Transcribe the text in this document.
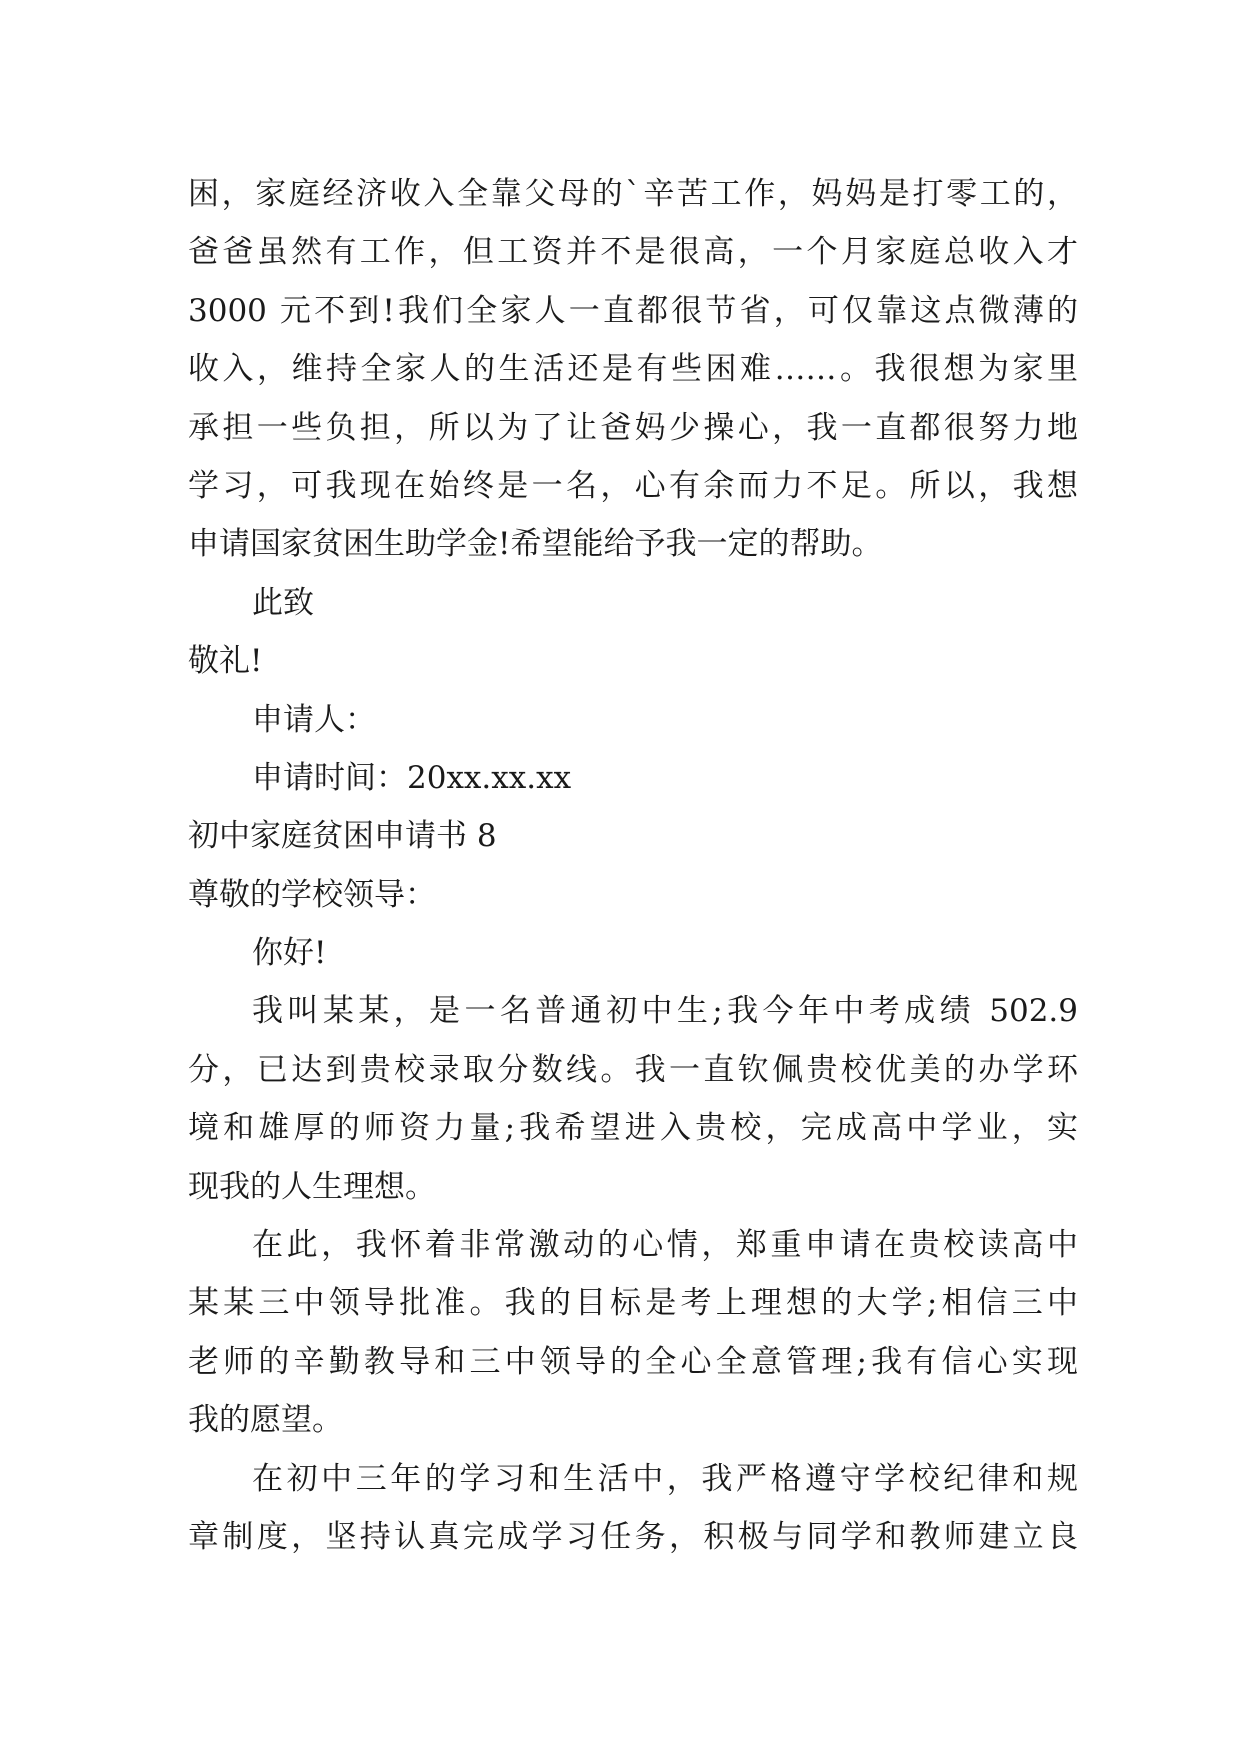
困，家庭经济收入全靠父母的`辛苦工作，妈妈是打零工的，
爸爸虽然有工作，但工资并不是很高，一个月家庭总收入才
3000 元不到!我们全家人一直都很节省，可仅靠这点微薄的
收入，维持全家人的生活还是有些困难……。我很想为家里
承担一些负担，所以为了让爸妈少操心，我一直都很努力地
学习，可我现在始终是一名，心有余而力不足。所以，我想
申请国家贫困生助学金!希望能给予我一定的帮助。
此致
敬礼!
申请人：
申请时间：20xx.xx.xx
初中家庭贫困申请书 8
尊敬的学校领导：
你好!
我叫某某，是一名普通初中生;我今年中考成绩 502.9
分，已达到贵校录取分数线。我一直钦佩贵校优美的办学环
境和雄厚的师资力量;我希望进入贵校，完成高中学业，实
现我的人生理想。
在此，我怀着非常激动的心情，郑重申请在贵校读高中
某某三中领导批准。我的目标是考上理想的大学;相信三中
老师的辛勤教导和三中领导的全心全意管理;我有信心实现
我的愿望。
在初中三年的学习和生活中，我严格遵守学校纪律和规
章制度，坚持认真完成学习任务，积极与同学和教师建立良
